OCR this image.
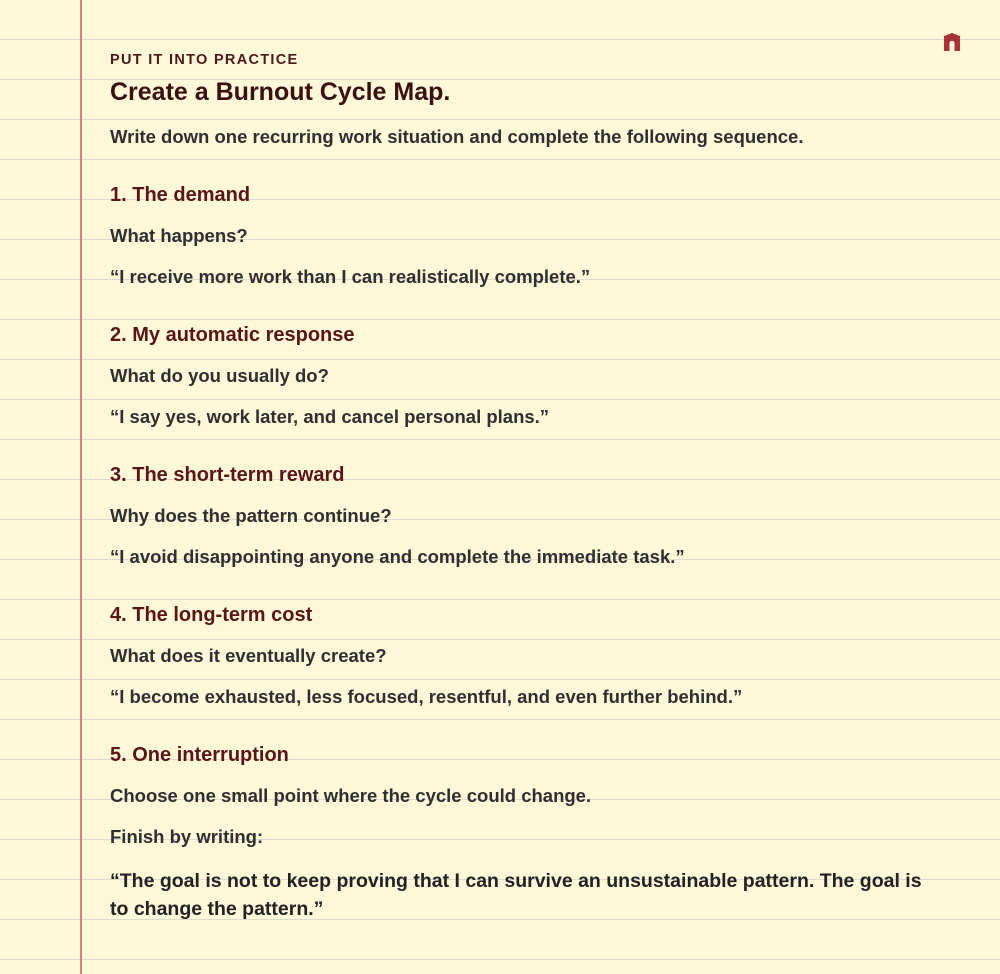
PUT IT INTO PRACTICE
Create a Burnout Cycle Map.
Write down one recurring work situation and complete the following sequence.
1. The demand
What happens?
“I receive more work than I can realistically complete.”
2. My automatic response
What do you usually do?
“I say yes, work later, and cancel personal plans.”
3. The short-term reward
Why does the pattern continue?
“I avoid disappointing anyone and complete the immediate task.”
4. The long-term cost
What does it eventually create?
“I become exhausted, less focused, resentful, and even further behind.”
5. One interruption
Choose one small point where the cycle could change.
Finish by writing:
“The goal is not to keep proving that I can survive an unsustainable pattern. The goal is to change the pattern.”
